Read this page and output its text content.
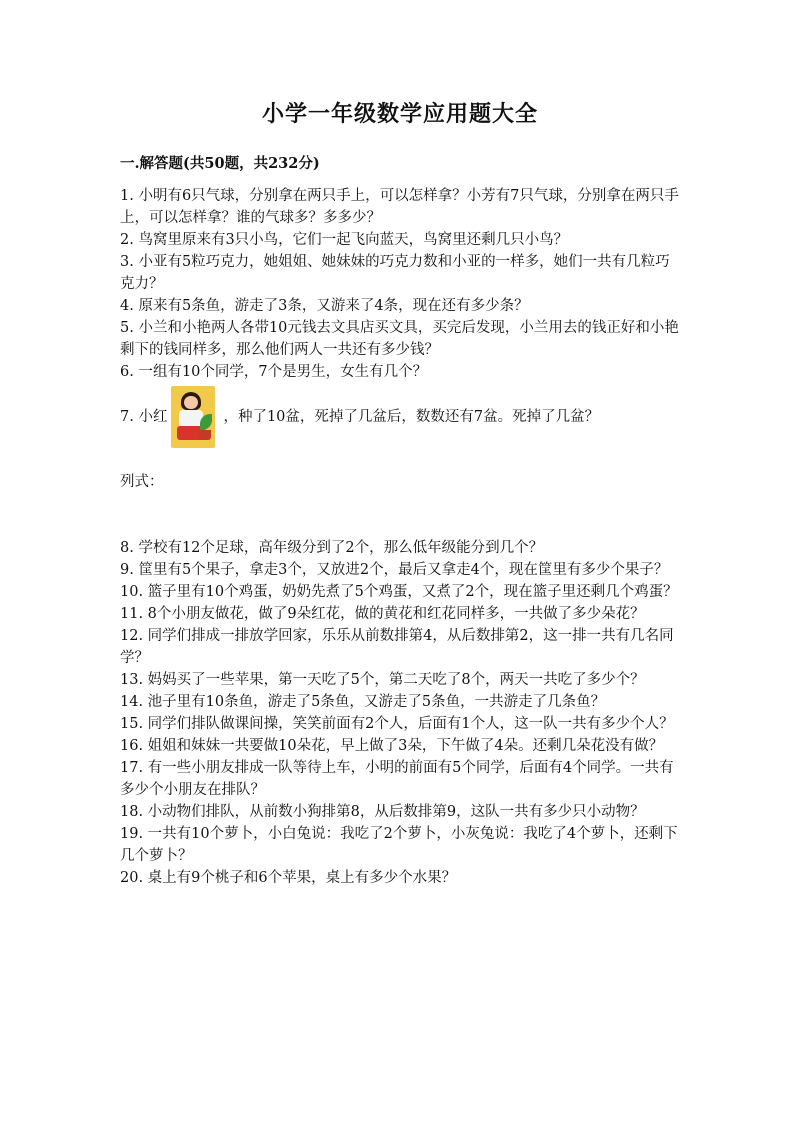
小学一年级数学应用题大全
一.解答题(共50题，共232分)

1. 小明有6只气球，分别拿在两只手上，可以怎样拿？小芳有7只气球，分别拿在两只手上，可以怎样拿？谁的气球多？多多少？

2. 鸟窝里原来有3只小鸟，它们一起飞向蓝天，鸟窝里还剩几只小鸟？

3. 小亚有5粒巧克力，她姐姐、她妹妹的巧克力数和小亚的一样多，她们一共有几粒巧克力？

4. 原来有5条鱼，游走了3条，又游来了4条，现在还有多少条？

5. 小兰和小艳两人各带10元钱去文具店买文具，买完后发现，小兰用去的钱正好和小艳剩下的钱同样多，那么他们两人一共还有多少钱？

6. 一组有10个同学，7个是男生，女生有几个？

7. 小红	，种了10盆，死掉了几盆后，数数还有7盆。死掉了几盆？

列式：

8. 学校有12个足球，高年级分到了2个，那么低年级能分到几个？

9. 筐里有5个果子，拿走3个，又放进2个，最后又拿走4个，现在筐里有多少个果子？

10. 篮子里有10个鸡蛋，奶奶先煮了5个鸡蛋，又煮了2个，现在篮子里还剩几个鸡蛋？

11. 8个小朋友做花，做了9朵红花，做的黄花和红花同样多，一共做了多少朵花？

12. 同学们排成一排放学回家，乐乐从前数排第4，从后数排第2，这一排一共有几名同学？

13. 妈妈买了一些苹果，第一天吃了5个，第二天吃了8个，两天一共吃了多少个？

14. 池子里有10条鱼，游走了5条鱼，又游走了5条鱼，一共游走了几条鱼？

15. 同学们排队做课间操，笑笑前面有2个人，后面有1个人，这一队一共有多少个人？

16. 姐姐和妹妹一共要做10朵花，早上做了3朵，下午做了4朵。还剩几朵花没有做？

17. 有一些小朋友排成一队等待上车，小明的前面有5个同学，后面有4个同学。一共有多少个小朋友在排队？

18. 小动物们排队，从前数小狗排第8，从后数排第9，这队一共有多少只小动物？

19. 一共有10个萝卜，小白兔说：我吃了2个萝卜，小灰兔说：我吃了4个萝卜，还剩下几个萝卜？

20. 桌上有9个桃子和6个苹果，桌上有多少个水果？
